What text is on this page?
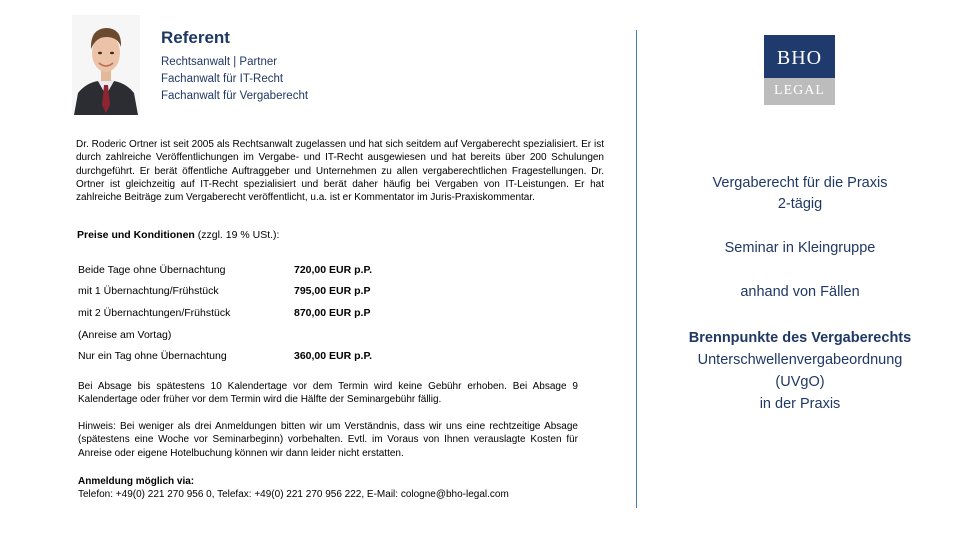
Referent
Rechtsanwalt | Partner
Fachanwalt für IT-Recht
Fachanwalt für Vergaberecht
Dr. Roderic Ortner ist seit 2005 als Rechtsanwalt zugelassen und hat sich seitdem auf Vergaberecht spezialisiert. Er ist durch zahlreiche Veröffentlichungen im Vergabe- und IT-Recht ausgewiesen und hat bereits über 200 Schulungen durchgeführt. Er berät öffentliche Auftraggeber und Unternehmen zu allen vergaberechtlichen Fragestellungen. Dr. Ortner ist gleichzeitig auf IT-Recht spezialisiert und berät daher häufig bei Vergaben von IT-Leistungen. Er hat zahlreiche Beiträge zum Vergaberecht veröffentlicht, u.a. ist er Kommentator im Juris-Praxiskommentar.
Preise und Konditionen (zzgl. 19 % USt.):
Beide Tage ohne Übernachtung	720,00 EUR p.P.
mit 1 Übernachtung/Frühstück	795,00 EUR p.P
mit 2 Übernachtungen/Frühstück	870,00 EUR p.P
(Anreise am Vortag)
Nur ein Tag ohne Übernachtung	360,00 EUR p.P.
Bei Absage bis spätestens 10 Kalendertage vor dem Termin wird keine Gebühr erhoben. Bei Absage 9 Kalendertage oder früher vor dem Termin wird die Hälfte der Seminargebühr fällig.
Hinweis: Bei weniger als drei Anmeldungen bitten wir um Verständnis, dass wir uns eine rechtzeitige Absage (spätestens eine Woche vor Seminarbeginn) vorbehalten. Evtl. im Voraus von Ihnen verauslagte Kosten für Anreise oder eigene Hotelbuchung können wir dann leider nicht erstatten.
Anmeldung möglich via:
Telefon: +49(0) 221 270 956 0, Telefax: +49(0) 221 270 956 222, E-Mail: cologne@bho-legal.com
BHO
LEGAL
Vergaberecht für die Praxis
2-tägig
Seminar in Kleingruppe
anhand von Fällen
Brennpunkte des Vergaberechts
Unterschwellenvergabeordnung
(UVgO)
in der Praxis
